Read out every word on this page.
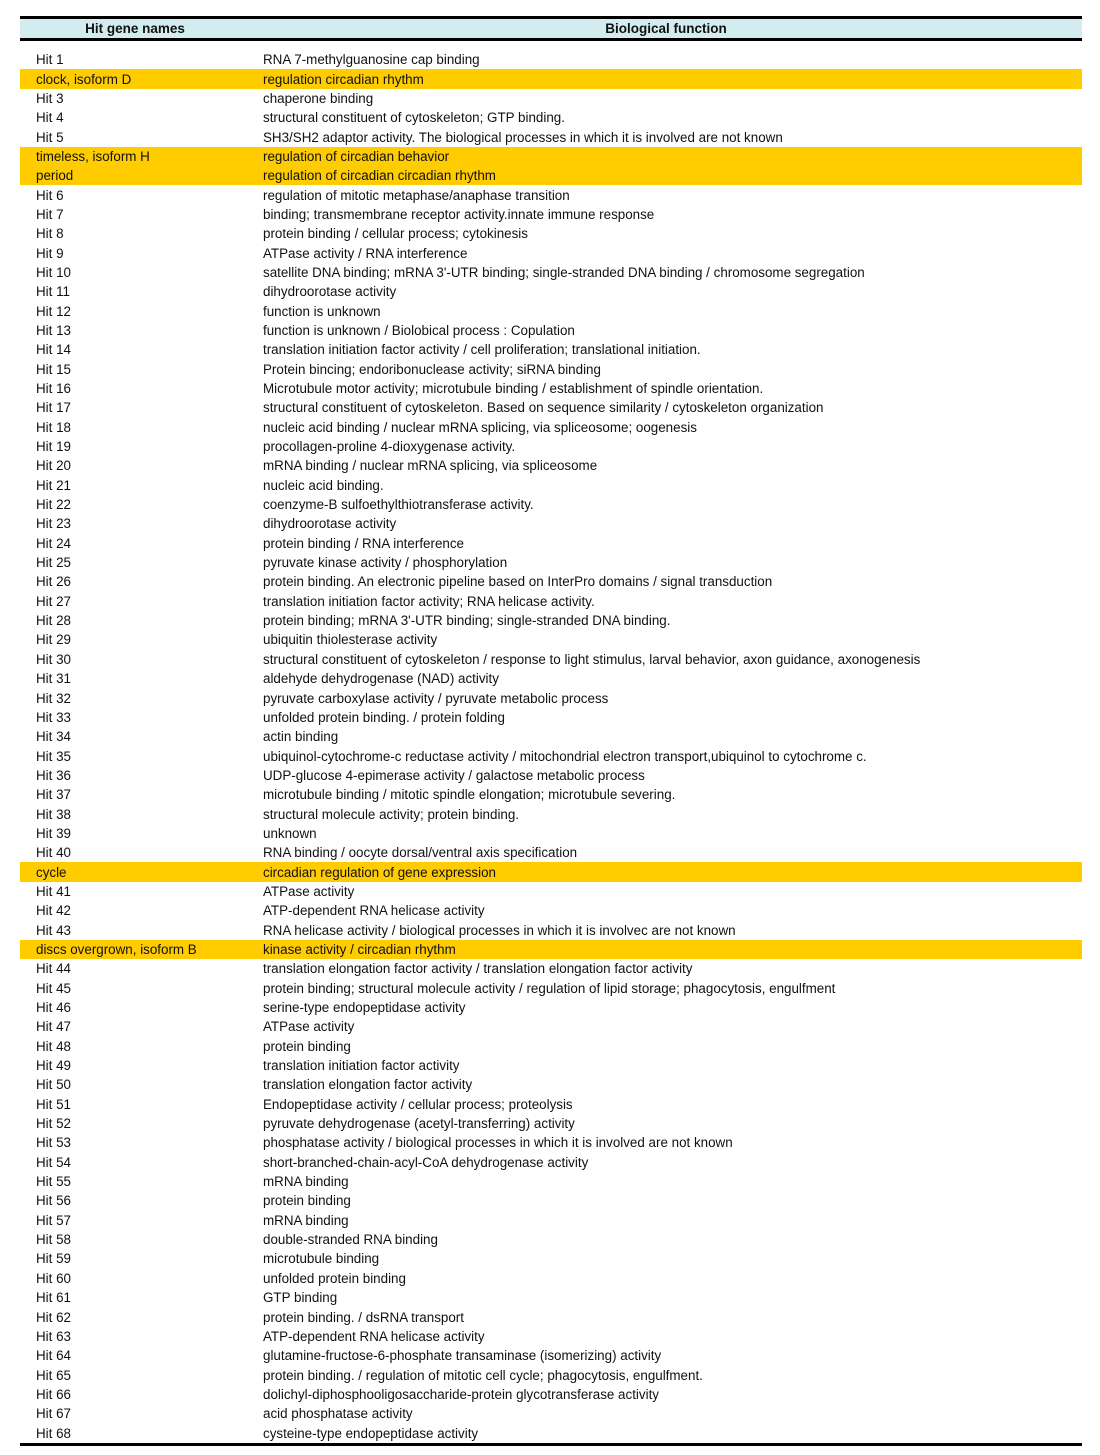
Hit gene names	Biological function
Hit 1	RNA 7-methylguanosine cap binding
clock, isoform D	regulation circadian rhythm
Hit 3	chaperone binding
Hit 4	structural constituent of cytoskeleton; GTP binding.
Hit 5	SH3/SH2 adaptor activity. The biological processes in which it is involved are not known
timeless, isoform H	regulation of circadian behavior
period	regulation of circadian circadian rhythm
Hit 6	regulation of mitotic metaphase/anaphase transition
Hit 7	binding; transmembrane receptor activity.innate immune response
Hit 8	protein binding / cellular process; cytokinesis
Hit 9	ATPase activity / RNA interference
Hit 10	satellite DNA binding; mRNA 3'-UTR binding; single-stranded DNA binding / chromosome segregation
Hit 11	dihydroorotase activity
Hit 12	function is unknown
Hit 13	function is unknown / Biolobical process : Copulation
Hit 14	translation initiation factor activity / cell proliferation; translational initiation.
Hit 15	Protein bincing; endoribonuclease activity; siRNA binding
Hit 16	Microtubule motor activity; microtubule binding / establishment of spindle orientation.
Hit 17	structural constituent of cytoskeleton. Based on sequence similarity / cytoskeleton organization
Hit 18	nucleic acid binding / nuclear mRNA splicing, via spliceosome; oogenesis
Hit 19	procollagen-proline 4-dioxygenase activity.
Hit 20	mRNA binding / nuclear mRNA splicing, via spliceosome
Hit 21	nucleic acid binding.
Hit 22	coenzyme-B sulfoethylthiotransferase activity.
Hit 23	dihydroorotase activity
Hit 24	protein binding / RNA interference
Hit 25	pyruvate kinase activity / phosphorylation
Hit 26	protein binding. An electronic pipeline based on InterPro domains / signal transduction
Hit 27	translation initiation factor activity; RNA helicase activity.
Hit 28	protein binding; mRNA 3'-UTR binding; single-stranded DNA binding.
Hit 29	ubiquitin thiolesterase activity
Hit 30	structural constituent of cytoskeleton / response to light stimulus, larval behavior, axon guidance, axonogenesis
Hit 31	aldehyde dehydrogenase (NAD) activity
Hit 32	pyruvate carboxylase activity / pyruvate metabolic process
Hit 33	unfolded protein binding. / protein folding
Hit 34	actin binding
Hit 35	ubiquinol-cytochrome-c reductase activity / mitochondrial electron transport,ubiquinol to cytochrome c.
Hit 36	UDP-glucose 4-epimerase activity / galactose metabolic process
Hit 37	microtubule binding / mitotic spindle elongation; microtubule severing.
Hit 38	structural molecule activity; protein binding.
Hit 39	unknown
Hit 40	RNA binding / oocyte dorsal/ventral axis specification
cycle	circadian regulation of gene expression
Hit 41	ATPase activity
Hit 42	ATP-dependent RNA helicase activity
Hit 43	RNA helicase activity / biological processes in which it is involvec are not known
discs overgrown, isoform B	kinase activity / circadian rhythm
Hit 44	translation elongation factor activity / translation elongation factor activity
Hit 45	protein binding; structural molecule activity / regulation of lipid storage; phagocytosis, engulfment
Hit 46	serine-type endopeptidase activity
Hit 47	ATPase activity
Hit 48	protein binding
Hit 49	translation initiation factor activity
Hit 50	translation elongation factor activity
Hit 51	Endopeptidase activity / cellular process; proteolysis
Hit 52	pyruvate dehydrogenase (acetyl-transferring) activity
Hit 53	phosphatase activity / biological processes in which it is involved are not known
Hit 54	short-branched-chain-acyl-CoA dehydrogenase activity
Hit 55	mRNA binding
Hit 56	protein binding
Hit 57	mRNA binding
Hit 58	double-stranded RNA binding
Hit 59	microtubule binding
Hit 60	unfolded protein binding
Hit 61	GTP binding
Hit 62	protein binding. / dsRNA transport
Hit 63	ATP-dependent RNA helicase activity
Hit 64	glutamine-fructose-6-phosphate transaminase (isomerizing) activity
Hit 65	protein binding. / regulation of mitotic cell cycle; phagocytosis, engulfment.
Hit 66	dolichyl-diphosphooligosaccharide-protein glycotransferase activity
Hit 67	acid phosphatase activity
Hit 68	cysteine-type endopeptidase activity
